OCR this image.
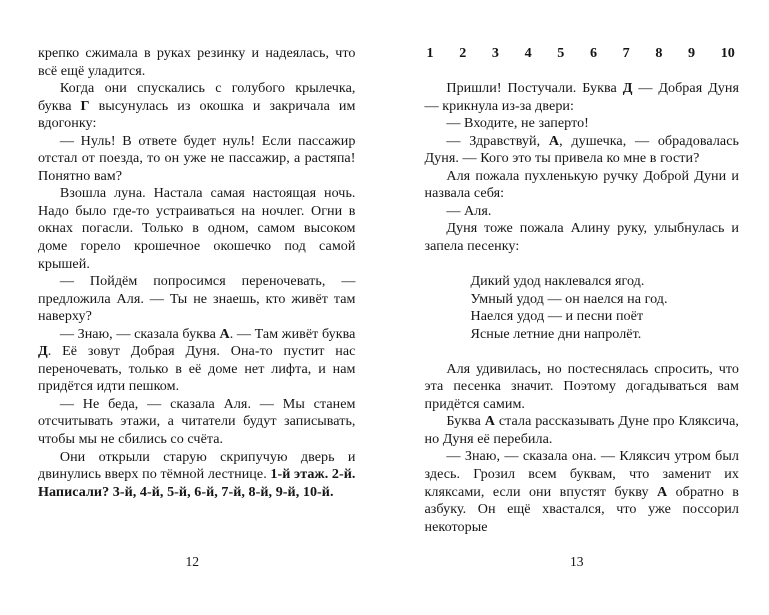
крепко сжимала в руках резинку и надеялась, что всё ещё уладится.

Когда они спускались с голубого крылечка, буква Г высунулась из окошка и закричала им вдогонку:

— Нуль! В ответе будет нуль! Если пассажир отстал от поезда, то он уже не пассажир, а растяпа! Понятно вам?

Взошла луна. Настала самая настоящая ночь. Надо было где-то устраиваться на ночлег. Огни в окнах погасли. Только в одном, самом высоком доме горело крошечное окошечко под самой крышей.

— Пойдём попросимся переночевать, — предложила Аля. — Ты не знаешь, кто живёт там наверху?

— Знаю, — сказала буква А. — Там живёт буква Д. Её зовут Добрая Дуня. Она-то пустит нас переночевать, только в её доме нет лифта, и нам придётся идти пешком.

— Не беда, — сказала Аля. — Мы станем отсчитывать этажи, а читатели будут записывать, чтобы мы не сбились со счёта.

Они открыли старую скрипучую дверь и двинулись вверх по тёмной лестнице. 1-й этаж. 2-й. Написали? 3-й, 4-й, 5-й, 6-й, 7-й, 8-й, 9-й, 10-й.

12
1 2 3 4 5 6 7 8 9 10

Пришли! Постучали. Буква Д — Добрая Дуня — крикнула из-за двери:

— Входите, не заперто!

— Здравствуй, А, душечка, — обрадовалась Дуня. — Кого это ты привела ко мне в гости?

Аля пожала пухленькую ручку Доброй Дуни и назвала себя:

— Аля.

Дуня тоже пожала Алину руку, улыбнулась и запела песенку:

Дикий удод наклевался ягод.

Умный удод — он наелся на год.

Наелся удод — и песни поёт

Ясные летние дни напролёт.

Аля удивилась, но постеснялась спросить, что эта песенка значит. Поэтому догадываться вам придётся самим.

Буква А стала рассказывать Дуне про Кляксича, но Дуня её перебила.

— Знаю, — сказала она. — Кляксич утром был здесь. Грозил всем буквам, что заменит их кляксами, если они впустят букву А обратно в азбуку. Он ещё хвастался, что уже поссорил некоторые

13
